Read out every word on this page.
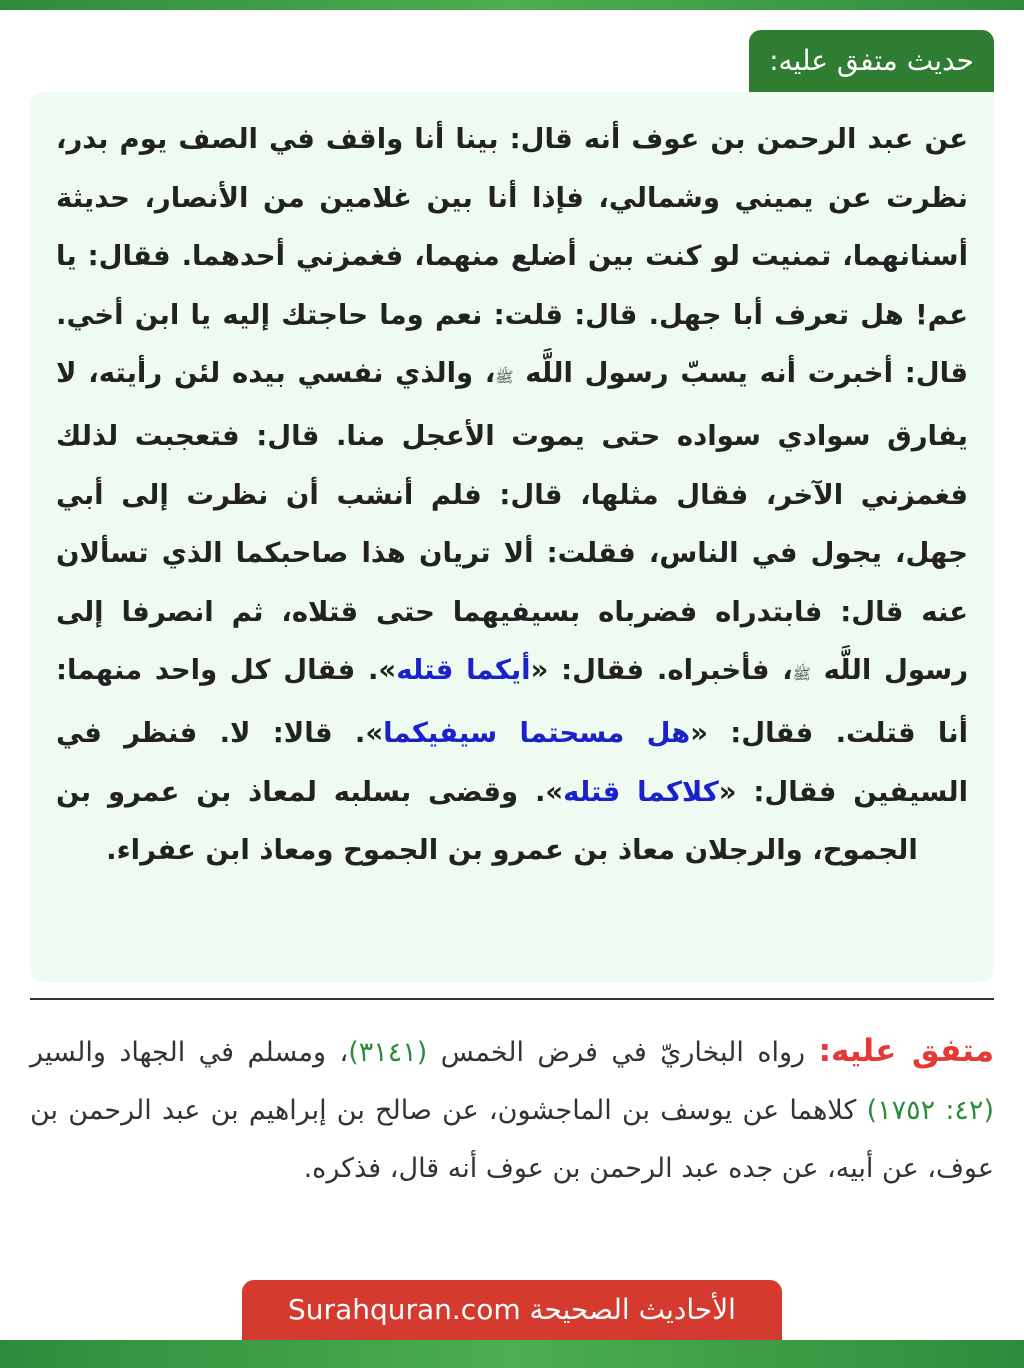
حديث متفق عليه:
عن عبد الرحمن بن عوف أنه قال: بينا أنا واقف في الصف يوم بدر، نظرت عن يميني وشمالي، فإذا أنا بين غلامين من الأنصار، حديثة أسنانهما، تمنيت لو كنت بين أضلع منهما، فغمزني أحدهما. فقال: يا عم! هل تعرف أبا جهل. قال: قلت: نعم وما حاجتك إليه يا ابن أخي. قال: أخبرت أنه يسبّ رسول اللَّه ﷺ، والذي نفسي بيده لئن رأيته، لا يفارق سوادي سواده حتى يموت الأعجل منا. قال: فتعجبت لذلك فغمزني الآخر، فقال مثلها، قال: فلم أنشب أن نظرت إلى أبي جهل، يجول في الناس، فقلت: ألا تريان هذا صاحبكما الذي تسألان عنه قال: فابتدراه فضرباه بسيفيهما حتى قتلاه، ثم انصرفا إلى رسول اللَّه ﷺ، فأخبراه. فقال: «أيكما قتله». فقال كل واحد منهما: أنا قتلت. فقال: «هل مسحتما سيفيكما». قالا: لا. فنظر في السيفين فقال: «كلاكما قتله». وقضى بسلبه لمعاذ بن عمرو بن الجموح، والرجلان معاذ بن عمرو بن الجموح ومعاذ ابن عفراء.
متفق عليه: رواه البخاريّ في فرض الخمس (٣١٤١)، ومسلم في الجهاد والسير (٤٢: ١٧٥٢) كلاهما عن يوسف بن الماجشون، عن صالح بن إبراهيم بن عبد الرحمن بن عوف، عن أبيه، عن جده عبد الرحمن بن عوف أنه قال، فذكره.
الأحاديث الصحيحة Surahquran.com
